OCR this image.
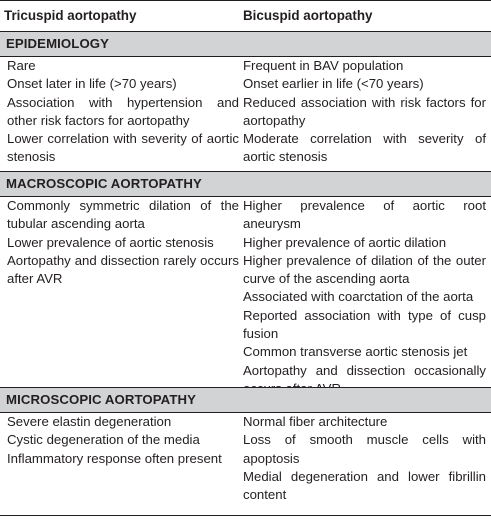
Tricuspid aortopathy	Bicuspid aortopathy
EPIDEMIOLOGY

Rare

Onset later in life (>70 years)

Association with hypertension and other risk factors for aortopathy

Lower correlation with severity of aortic stenosis

Frequent in BAV population

Onset earlier in life (<70 years)

Reduced association with risk factors for aortopathy

Moderate correlation with severity of aortic stenosis

MACROSCOPIC AORTOPATHY

Commonly symmetric dilation of the tubular ascending aorta

Lower prevalence of aortic stenosis

Aortopathy and dissection rarely occurs after AVR

Higher prevalence of aortic root aneurysm

Higher prevalence of aortic dilation

Higher prevalence of dilation of the outer curve of the ascending aorta

Associated with coarctation of the aorta

Reported association with type of cusp fusion

Common transverse aortic stenosis jet

Aortopathy and dissection occasionally

MICROSCOPIC AORTOPATHY

Severe elastin degeneration

Cystic degeneration of the media

Inflammatory response often present

Normal fiber architecture

Loss of smooth muscle cells with apoptosis

Medial degeneration and lower fibrillin content
